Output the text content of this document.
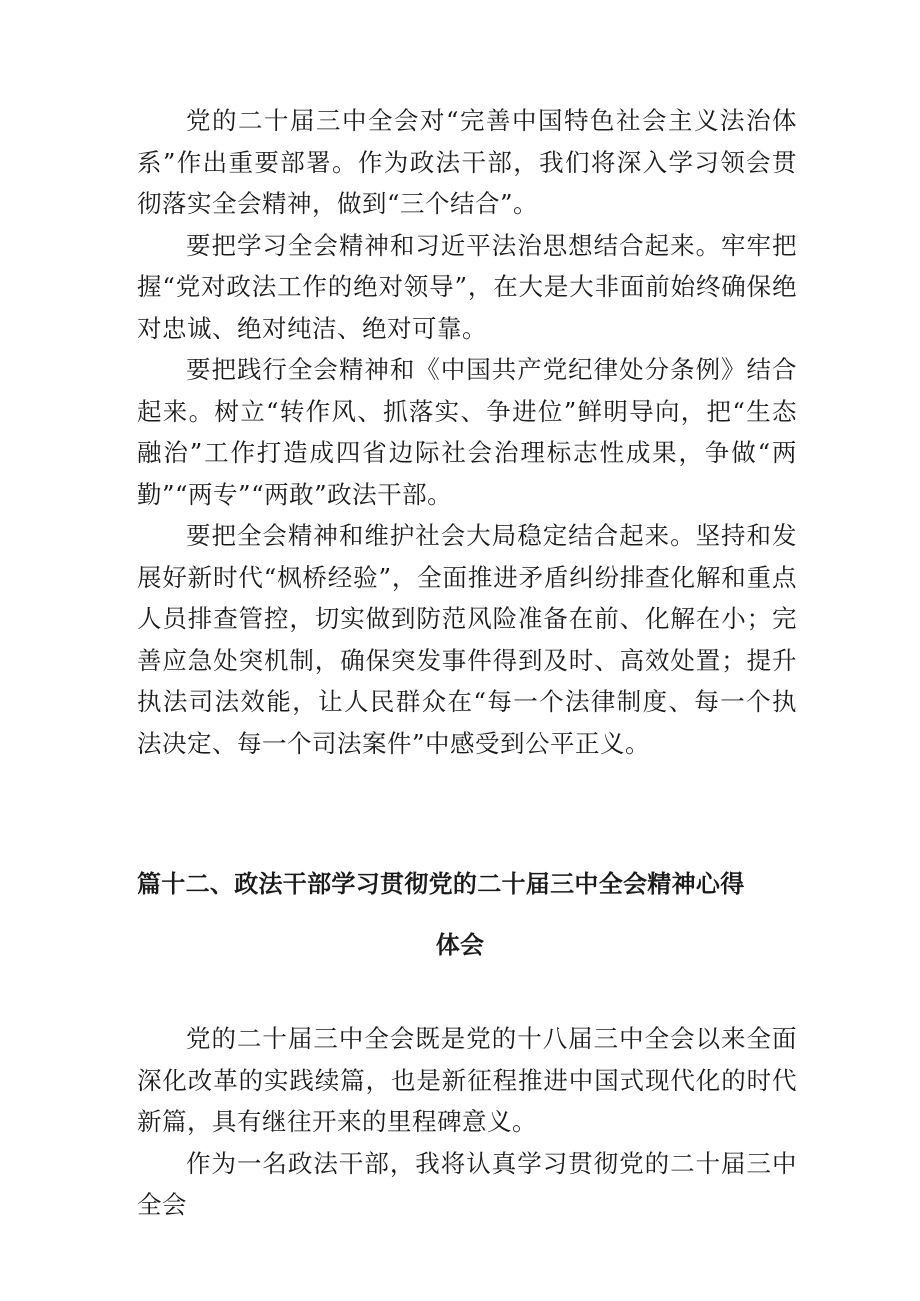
党的二十届三中全会对“完善中国特色社会主义法治体系”作出重要部署。作为政法干部，我们将深入学习领会贯彻落实全会精神，做到“三个结合”。

要把学习全会精神和习近平法治思想结合起来。牢牢把握“党对政法工作的绝对领导”，在大是大非面前始终确保绝对忠诚、绝对纯洁、绝对可靠。

要把践行全会精神和《中国共产党纪律处分条例》结合起来。树立“转作风、抓落实、争进位”鲜明导向，把“生态融治”工作打造成四省边际社会治理标志性成果，争做“两勤”“两专”“两敢”政法干部。

要把全会精神和维护社会大局稳定结合起来。坚持和发展好新时代“枫桥经验”，全面推进矛盾纠纷排查化解和重点人员排查管控，切实做到防范风险准备在前、化解在小；完善应急处突机制，确保突发事件得到及时、高效处置；提升执法司法效能，让人民群众在“每一个法律制度、每一个执法决定、每一个司法案件”中感受到公平正义。

篇十二、政法干部学习贯彻党的二十届三中全会精神心得
体会

党的二十届三中全会既是党的十八届三中全会以来全面深化改革的实践续篇，也是新征程推进中国式现代化的时代新篇，具有继往开来的里程碑意义。

作为一名政法干部，我将认真学习贯彻党的二十届三中全会
